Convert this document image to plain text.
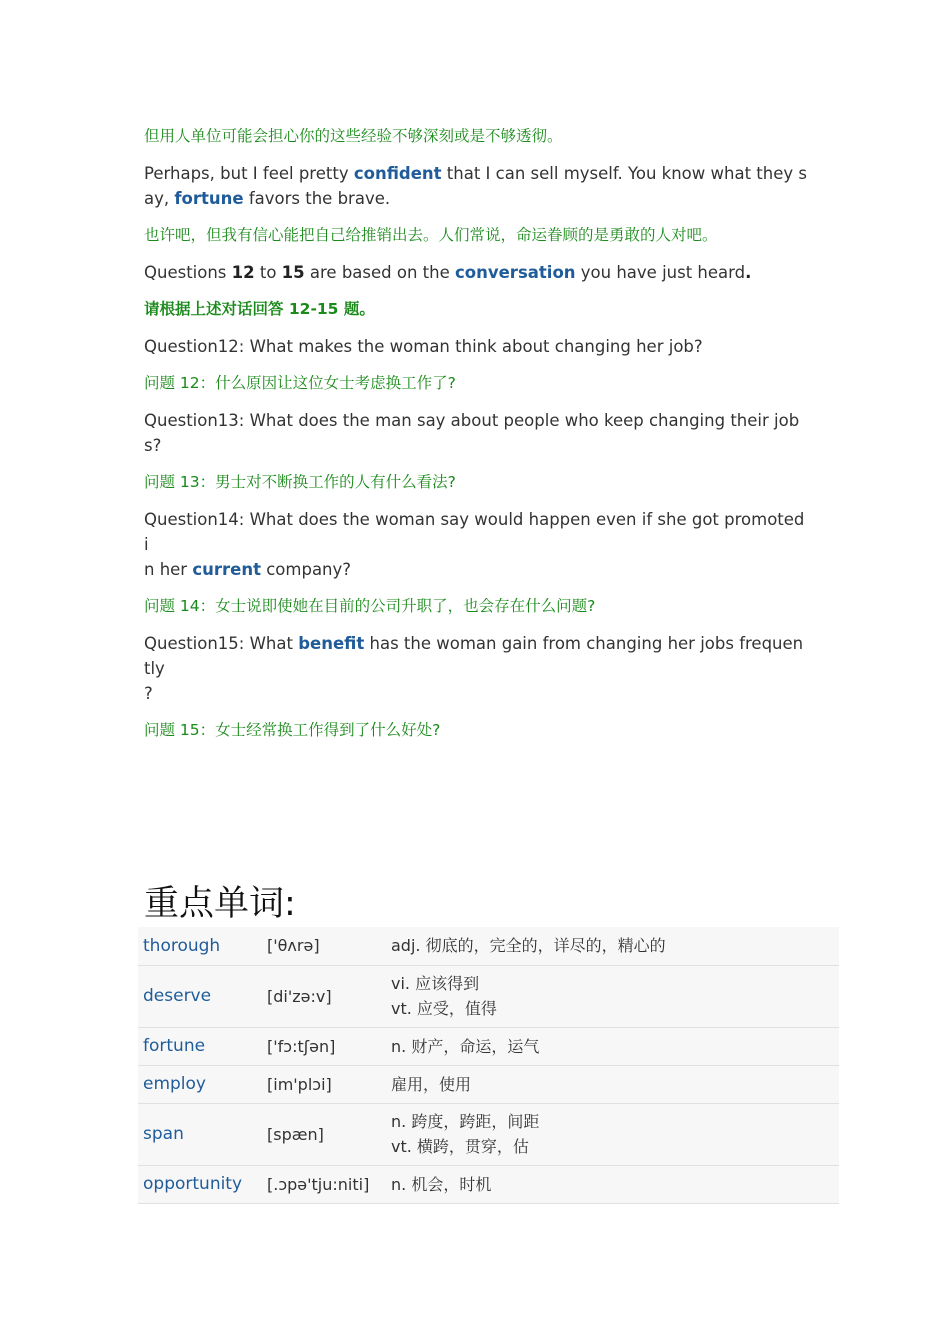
但用人单位可能会担心你的这些经验不够深刻或是不够透彻。

Perhaps, but I feel pretty confident that I can sell myself. You know what they say, fortune favors the brave.

也许吧，但我有信心能把自己给推销出去。人们常说，命运眷顾的是勇敢的人对吧。

Questions 12 to 15 are based on the conversation you have just heard.

请根据上述对话回答 12-15 题。

Question12: What makes the woman think about changing her job?

问题 12：什么原因让这位女士考虑换工作了?

Question13: What does the man say about people who keep changing their jobs?

问题 13：男士对不断换工作的人有什么看法?

Question14: What does the woman say would happen even if she got promoted i
n her current company?

问题 14：女士说即使她在目前的公司升职了，也会存在什么问题?

Question15: What benefit has the woman gain from changing her jobs frequently
?

问题 15：女士经常换工作得到了什么好处?

重点单词:
thorough	['θʌrə]	adj. 彻底的，完全的，详尽的，精心的

deserve	[di'zə:v]	vi. 应该得到
vt. 应受，值得

fortune	['fɔ:tʃən]	n. 财产，命运，运气

employ	[im'plɔi]	雇用，使用

span	[spæn]	n. 跨度，跨距，间距
vt. 横跨，贯穿，估

opportunity	[.ɔpə'tju:niti]	n. 机会，时机
